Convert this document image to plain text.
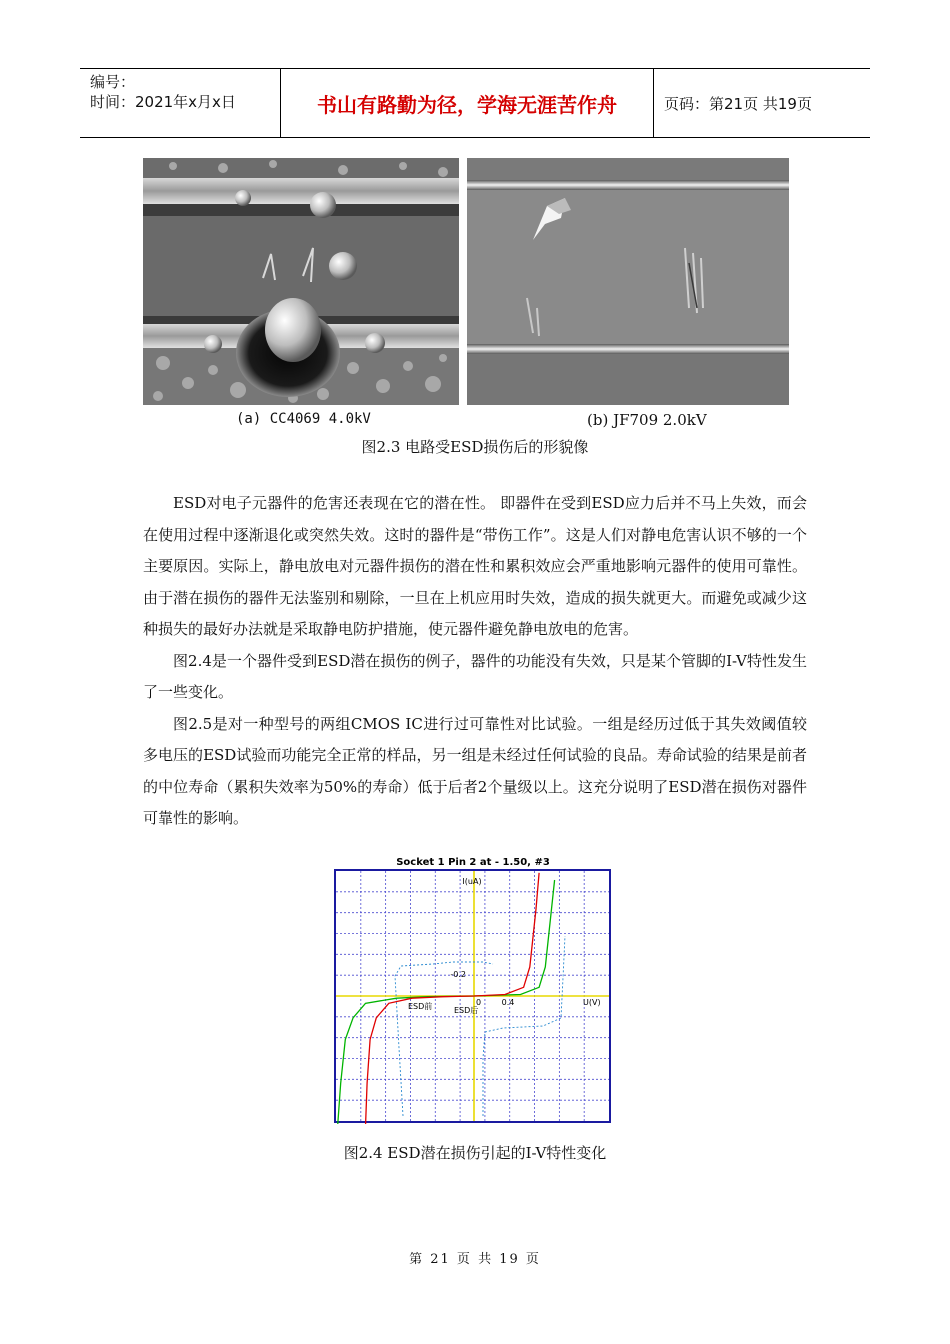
编号：
时间：2021年x月x日	书山有路勤为径，学海无涯苦作舟	页码：第21页 共19页
(a) CC4069 4.0kV	(b) JF709 2.0kV
图2.3 电路受ESD损伤后的形貌像

ESD对电子元器件的危害还表现在它的潜在性。 即器件在受到ESD应力后并不马上失效，而会在使用过程中逐渐退化或突然失效。这时的器件是“带伤工作”。这是人们对静电危害认识不够的一个主要原因。实际上，静电放电对元器件损伤的潜在性和累积效应会严重地影响元器件的使用可靠性。由于潜在损伤的器件无法鉴别和剔除，一旦在上机应用时失效，造成的损失就更大。而避免或减少这种损失的最好办法就是采取静电防护措施，使元器件避免静电放电的危害。

图2.4是一个器件受到ESD潜在损伤的例子，器件的功能没有失效，只是某个管脚的I-V特性发生了一些变化。

图2.5是对一种型号的两组CMOS IC进行过可靠性对比试验。一组是经历过低于其失效阈值较多电压的ESD试验而功能完全正常的样品，另一组是未经过任何试验的良品。寿命试验的结果是前者的中位寿命（累积失效率为50%的寿命）低于后者2个量级以上。这充分说明了ESD潜在损伤对器件可靠性的影响。

Socket 1 Pin 2 at - 1.50, #3
I(uA)
U(V)
-0.2
0	0.4
ESD前	ESD后
图2.4 ESD潜在损伤引起的I-V特性变化
第 21 页 共 19 页
